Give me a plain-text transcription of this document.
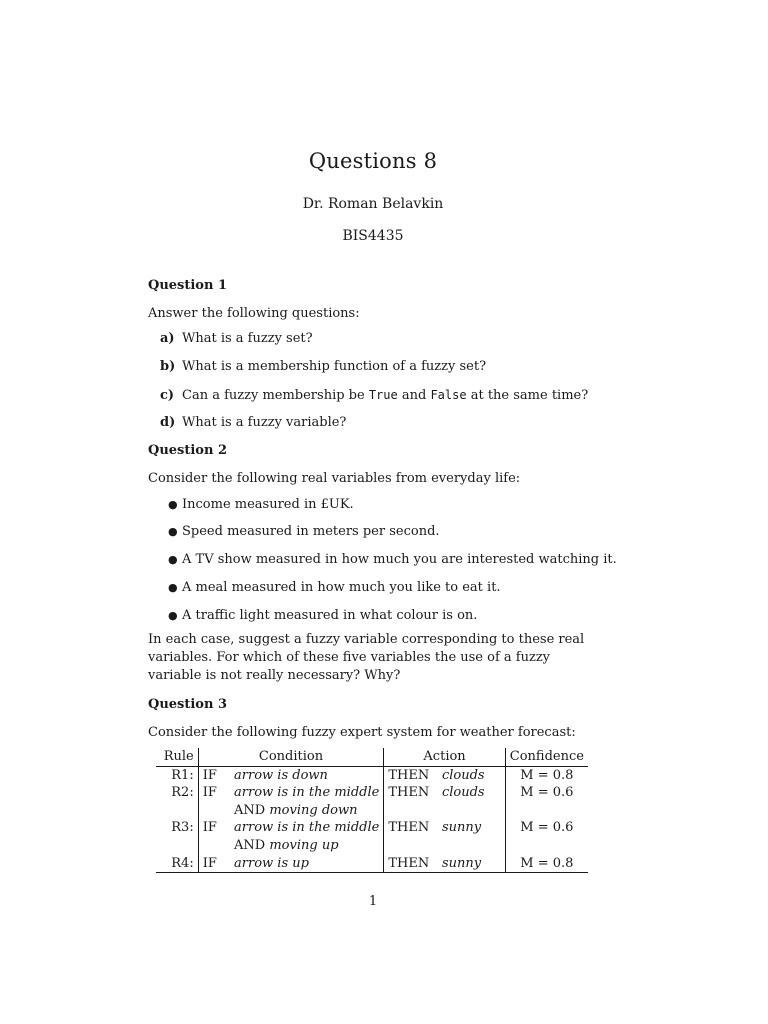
Questions 8
Dr. Roman Belavkin
BIS4435
Question 1
Answer the following questions:
a) What is a fuzzy set?
b) What is a membership function of a fuzzy set?
c) Can a fuzzy membership be True and False at the same time?
d) What is a fuzzy variable?
Question 2
Consider the following real variables from everyday life:
● Income measured in £UK.
● Speed measured in meters per second.
● A TV show measured in how much you are interested watching it.
● A meal measured in how much you like to eat it.
● A traffic light measured in what colour is on.
In each case, suggest a fuzzy variable corresponding to these real variables. For which of these five variables the use of a fuzzy variable is not really necessary? Why?
Question 3
Consider the following fuzzy expert system for weather forecast:
Rule	Condition		Action		Confidence
R1:	IF	arrow is down	THEN	clouds	M = 0.8
R2:	IF	arrow is in the middle	THEN	clouds	M = 0.6
		AND moving down			
R3:	IF	arrow is in the middle	THEN	sunny	M = 0.6
		AND moving up			
R4:	IF	arrow is up	THEN	sunny	M = 0.8
1
